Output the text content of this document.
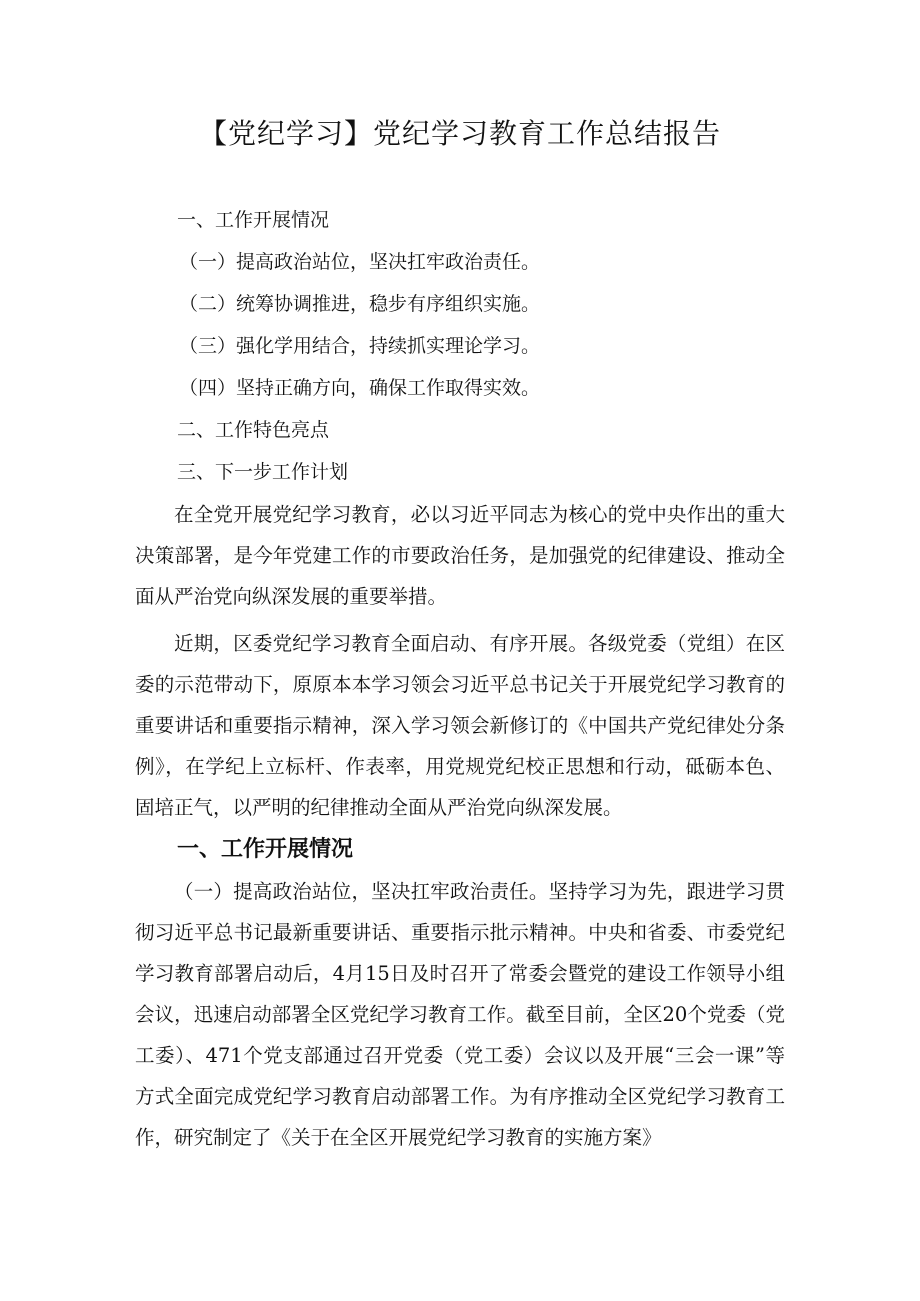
【党纪学习】党纪学习教育工作总结报告
一、工作开展情况
（一）提高政治站位，坚决扛牢政治责任。
（二）统筹协调推进，稳步有序组织实施。
（三）强化学用结合，持续抓实理论学习。
（四）坚持正确方向，确保工作取得实效。
二、工作特色亮点
三、下一步工作计划

在全党开展党纪学习教育，必以习近平同志为核心的党中央作出的重大决策部署，是今年党建工作的市要政治任务，是加强党的纪律建设、推动全面从严治党向纵深发展的重要举措。

近期，区委党纪学习教育全面启动、有序开展。各级党委（党组）在区委的示范带动下，原原本本学习领会习近平总书记关于开展党纪学习教育的重要讲话和重要指示精神，深入学习领会新修订的《中国共产党纪律处分条例》，在学纪上立标杆、作表率，用党规党纪校正思想和行动，砥砺本色、固培正气，以严明的纪律推动全面从严治党向纵深发展。

一、工作开展情况

（一）提高政治站位，坚决扛牢政治责任。坚持学习为先，跟进学习贯彻习近平总书记最新重要讲话、重要指示批示精神。中央和省委、市委党纪学习教育部署启动后，4月15日及时召开了常委会暨党的建设工作领导小组会议，迅速启动部署全区党纪学习教育工作。截至目前，全区20个党委（党工委）、471个党支部通过召开党委（党工委）会议以及开展“三会一课”等方式全面完成党纪学习教育启动部署工作。为有序推动全区党纪学习教育工作，研究制定了《关于在全区开展党纪学习教育的实施方案》
